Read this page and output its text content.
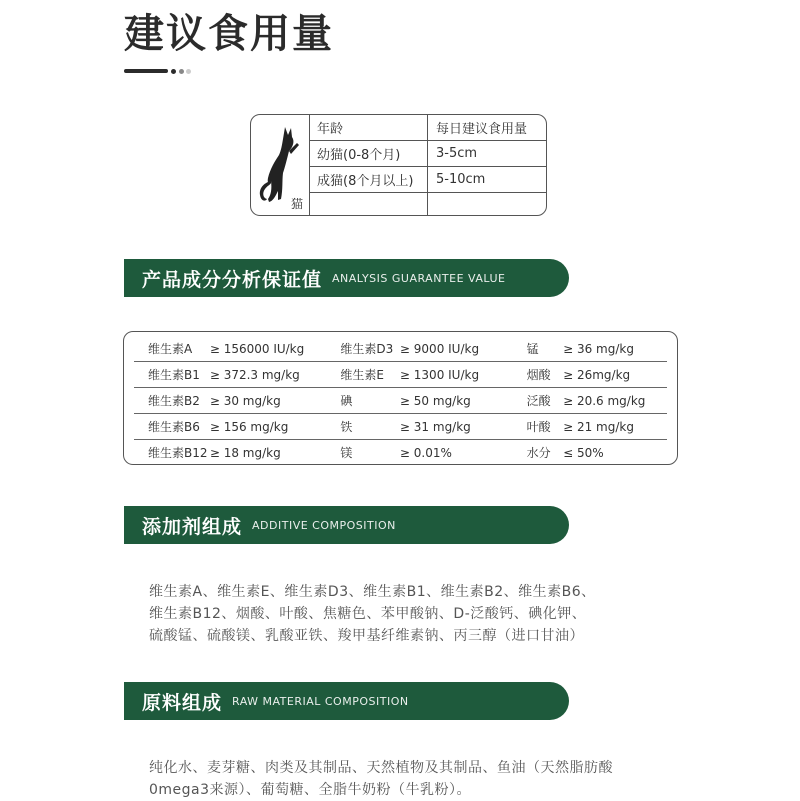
建议食用量
猫
年龄	每日建议食用量
幼猫(0-8个月)	3-5cm
成猫(8个月以上)	5-10cm

产品成分分析保证值 ANALYSIS GUARANTEE VALUE
维生素A	≥ 156000 IU/kg	维生素D3	≥ 9000 IU/kg	锰	≥ 36 mg/kg
维生素B1	≥ 372.3 mg/kg	维生素E	≥ 1300 IU/kg	烟酸	≥ 26mg/kg
维生素B2	≥ 30 mg/kg	碘	≥ 50 mg/kg	泛酸	≥ 20.6 mg/kg
维生素B6	≥ 156 mg/kg	铁	≥ 31 mg/kg	叶酸	≥ 21 mg/kg
维生素B12	≥ 18 mg/kg	镁	≥ 0.01%	水分	≤ 50%
添加剂组成 ADDITIVE COMPOSITION
维生素A、维生素E、维生素D3、维生素B1、维生素B2、维生素B6、
维生素B12、烟酸、叶酸、焦糖色、苯甲酸钠、D-泛酸钙、碘化钾、
硫酸锰、硫酸镁、乳酸亚铁、羧甲基纤维素钠、丙三醇（进口甘油）
原料组成 RAW MATERIAL COMPOSITION
纯化水、麦芽糖、肉类及其制品、天然植物及其制品、鱼油（天然脂肪酸
0mega3来源）、葡萄糖、全脂牛奶粉（牛乳粉）。
